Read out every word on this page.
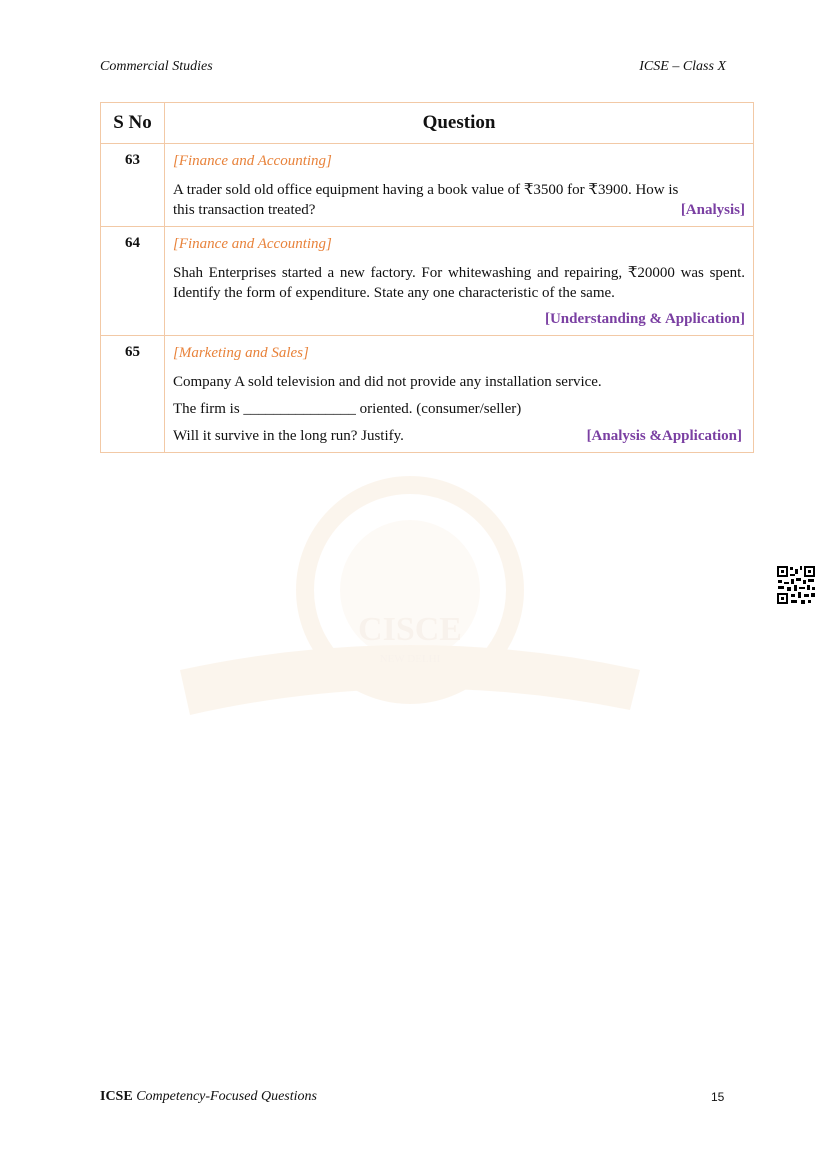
Commercial Studies	ICSE – Class X
CISCE
NEW DELHI
S No	Question
63	[Finance and Accounting]
A trader sold old office equipment having a book value of ₹3500 for ₹3900. How is
this transaction treated? [Analysis]

64	[Finance and Accounting]
Shah Enterprises started a new factory. For whitewashing and repairing, ₹20000 was spent. Identify the form of expenditure. State any one characteristic of the same.
[Understanding & Application]

65	[Marketing and Sales]
Company A sold television and did not provide any installation service.
The firm is _______________ oriented. (consumer/seller)
Will it survive in the long run? Justify. [Analysis &Application]
ICSE Competency-Focused Questions	15
